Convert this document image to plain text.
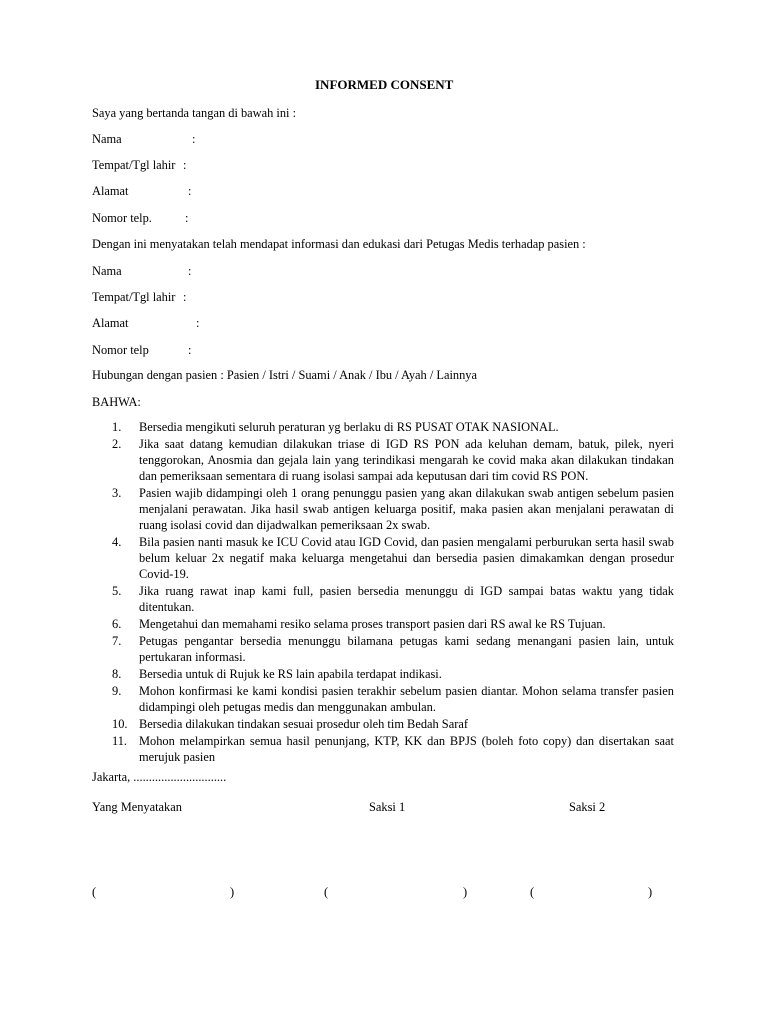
INFORMED CONSENT
Saya yang bertanda tangan di bawah ini :
Nama	:
Tempat/Tgl lahir :
Alamat	:
Nomor telp.	:
Dengan ini menyatakan telah mendapat informasi dan edukasi dari Petugas Medis terhadap pasien :
Nama	:
Tempat/Tgl lahir :
Alamat	:
Nomor telp	:
Hubungan dengan pasien : Pasien / Istri / Suami / Anak / Ibu / Ayah / Lainnya
BAHWA:
1. Bersedia mengikuti seluruh peraturan yg berlaku di RS PUSAT OTAK NASIONAL.
2. Jika saat datang kemudian dilakukan triase di IGD RS PON ada keluhan demam, batuk, pilek, nyeri tenggorokan, Anosmia dan gejala lain yang terindikasi mengarah ke covid maka akan dilakukan tindakan dan pemeriksaan sementara di ruang isolasi sampai ada keputusan dari tim covid RS PON.
3. Pasien wajib didampingi oleh 1 orang penunggu pasien yang akan dilakukan swab antigen sebelum pasien menjalani perawatan. Jika hasil swab antigen keluarga positif, maka pasien akan menjalani perawatan di ruang isolasi covid dan dijadwalkan pemeriksaan 2x swab.
4. Bila pasien nanti masuk ke ICU Covid atau IGD Covid, dan pasien mengalami perburukan serta hasil swab belum keluar 2x negatif maka keluarga mengetahui dan bersedia pasien dimakamkan dengan prosedur Covid-19.
5. Jika ruang rawat inap kami full, pasien bersedia menunggu di IGD sampai batas waktu yang tidak ditentukan.
6. Mengetahui dan memahami resiko selama proses transport pasien dari RS awal ke RS Tujuan.
7. Petugas pengantar bersedia menunggu bilamana petugas kami sedang menangani pasien lain, untuk pertukaran informasi.
8. Bersedia untuk di Rujuk ke RS lain apabila terdapat indikasi.
9. Mohon konfirmasi ke kami kondisi pasien terakhir sebelum pasien diantar. Mohon selama transfer pasien didampingi oleh petugas medis dan menggunakan ambulan.
10. Bersedia dilakukan tindakan sesuai prosedur oleh tim Bedah Saraf
11. Mohon melampirkan semua hasil penunjang, KTP, KK dan BPJS (boleh foto copy) dan disertakan saat merujuk pasien
Jakarta, ..............................
Yang Menyatakan	Saksi 1	Saksi 2
(	)	(	)	(	)
